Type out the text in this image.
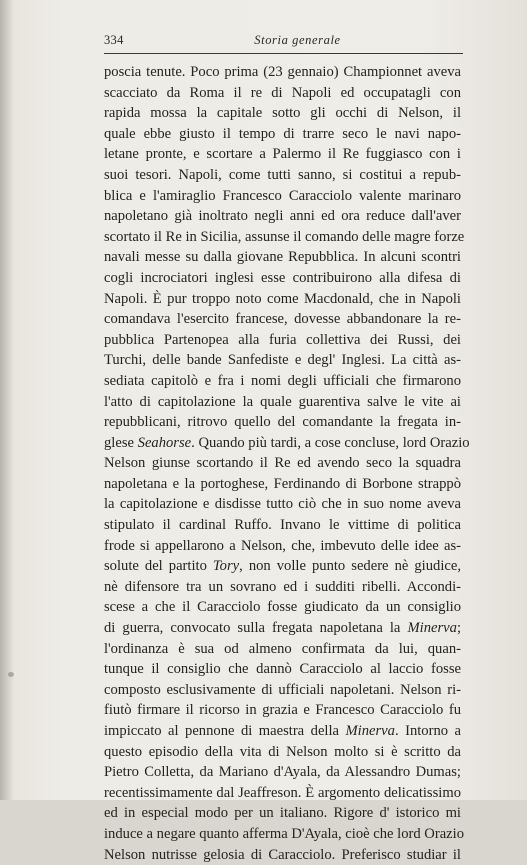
334	Storia generale
poscia tenute. Poco prima (23 gennaio) Championnet aveva
scacciato da Roma il re di Napoli ed occupatagli con
rapida mossa la capitale sotto gli occhi di Nelson, il
quale ebbe giusto il tempo di trarre seco le navi napo-
letane pronte, e scortare a Palermo il Re fuggiasco con i
suoi tesori. Napoli, come tutti sanno, si costitui a repub-
blica e l'amiraglio Francesco Caracciolo valente marinaro
napoletano già inoltrato negli anni ed ora reduce dall'aver
scortato il Re in Sicilia, assunse il comando delle magre forze
navali messe su dalla giovane Repubblica. In alcuni scontri
cogli incrociatori inglesi esse contribuirono alla difesa di
Napoli. È pur troppo noto come Macdonald, che in Napoli
comandava l'esercito francese, dovesse abbandonare la re-
pubblica Partenopea alla furia collettiva dei Russi, dei
Turchi, delle bande Sanfediste e degl' Inglesi. La città as-
sediata capitolò e fra i nomi degli ufficiali che firmarono
l'atto di capitolazione la quale guarentiva salve le vite ai
repubblicani, ritrovo quello del comandante la fregata in-
glese Seahorse. Quando più tardi, a cose concluse, lord Orazio
Nelson giunse scortando il Re ed avendo seco la squadra
napoletana e la portoghese, Ferdinando di Borbone strappò
la capitolazione e disdisse tutto ciò che in suo nome aveva
stipulato il cardinal Ruffo. Invano le vittime di politica
frode si appellarono a Nelson, che, imbevuto delle idee as-
solute del partito Tory, non volle punto sedere nè giudice,
nè difensore tra un sovrano ed i sudditi ribelli. Accondi-
scese a che il Caracciolo fosse giudicato da un consiglio
di guerra, convocato sulla fregata napoletana la Minerva;
l'ordinanza è sua od almeno confirmata da lui, quan-
tunque il consiglio che dannò Caracciolo al laccio fosse
composto esclusivamente di ufficiali napoletani. Nelson ri-
fiutò firmare il ricorso in grazia e Francesco Caracciolo fu
impiccato al pennone di maestra della Minerva. Intorno a
questo episodio della vita di Nelson molto si è scritto da
Pietro Colletta, da Mariano d'Ayala, da Alessandro Dumas;
recentissimamente dal Jeaffreson. È argomento delicatissimo
ed in especial modo per un italiano. Rigore d' istorico mi
induce a negare quanto afferma D'Ayala, cioè che lord Orazio
Nelson nutrisse gelosia di Caracciolo. Preferisco studiar il
